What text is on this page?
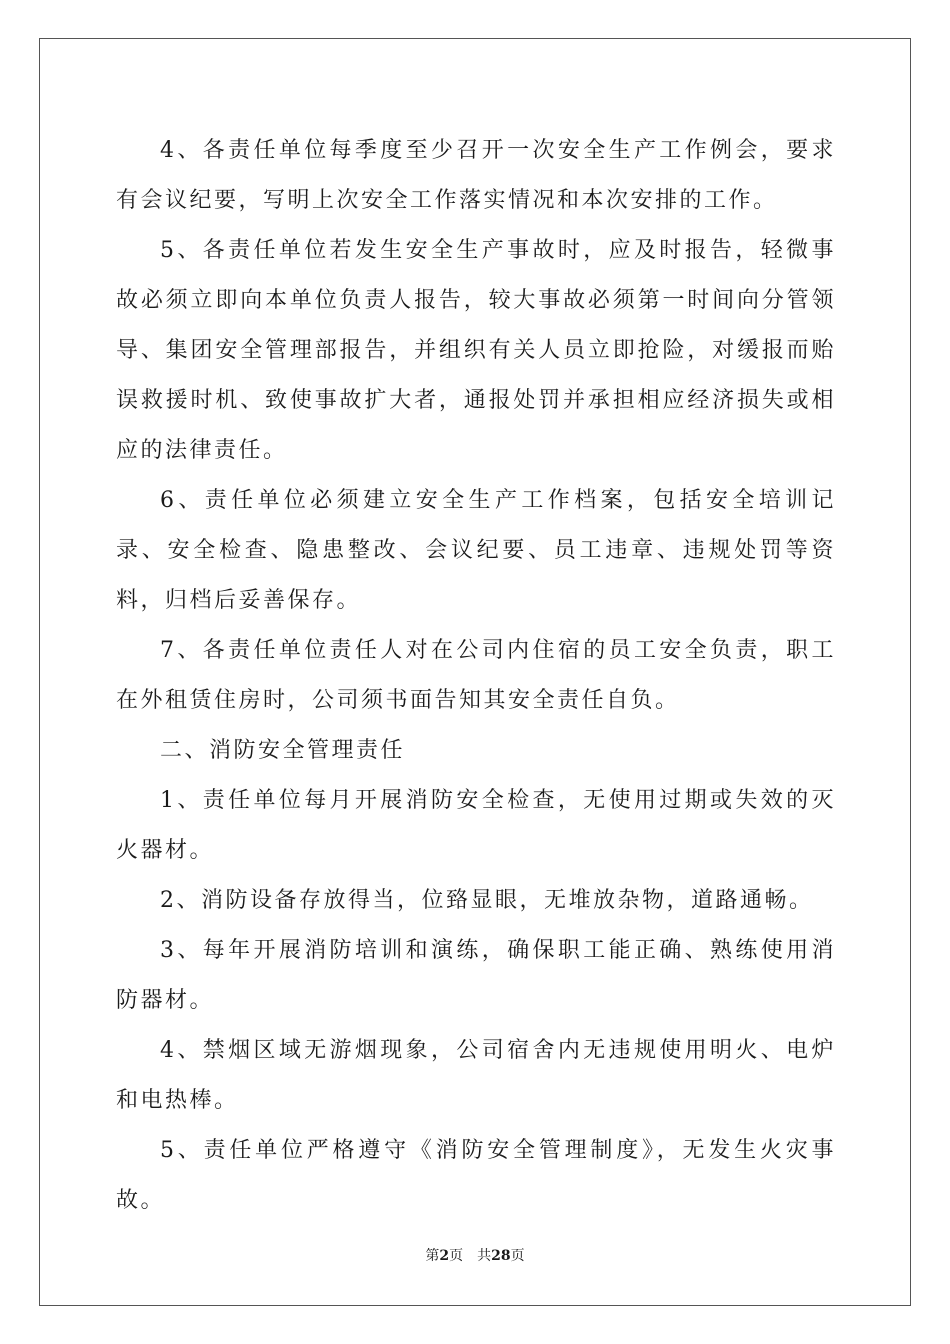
4、各责任单位每季度至少召开一次安全生产工作例会，要求有会议纪要，写明上次安全工作落实情况和本次安排的工作。

5、各责任单位若发生安全生产事故时，应及时报告，轻微事故必须立即向本单位负责人报告，较大事故必须第一时间向分管领导、集团安全管理部报告，并组织有关人员立即抢险，对缓报而贻误救援时机、致使事故扩大者，通报处罚并承担相应经济损失或相应的法律责任。

6、责任单位必须建立安全生产工作档案，包括安全培训记录、安全检查、隐患整改、会议纪要、员工违章、违规处罚等资料，归档后妥善保存。

7、各责任单位责任人对在公司内住宿的员工安全负责，职工在外租赁住房时，公司须书面告知其安全责任自负。

二、消防安全管理责任

1、责任单位每月开展消防安全检查，无使用过期或失效的灭火器材。

2、消防设备存放得当，位臵显眼，无堆放杂物，道路通畅。

3、每年开展消防培训和演练，确保职工能正确、熟练使用消防器材。

4、禁烟区域无游烟现象，公司宿舍内无违规使用明火、电炉和电热棒。

5、责任单位严格遵守《消防安全管理制度》，无发生火灾事故。

第2页 共28页
